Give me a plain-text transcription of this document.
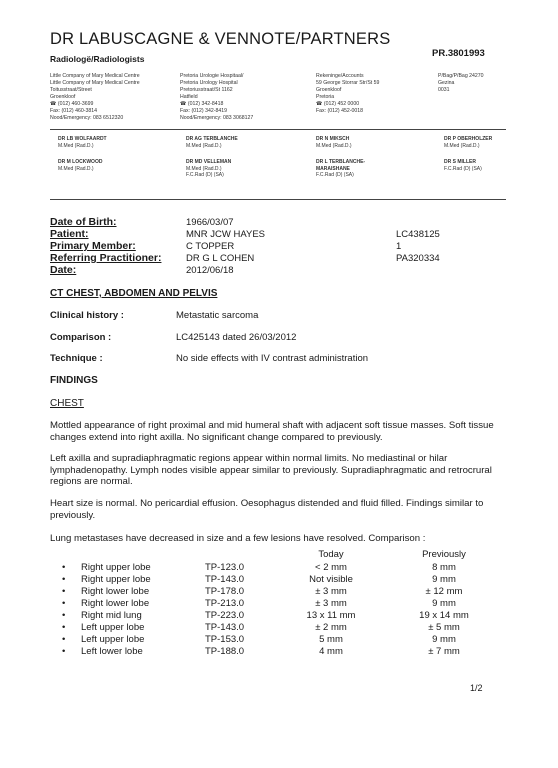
DR LABUSCAGNE & VENNOTE/PARTNERS
Radiologë/Radiologists	PR.3801993
Little Company of Mary Medical Centre
Little Company of Mary Medical Centre
Toitusstraat/Street
Groenkloof
☎ (012) 460-3699
Fax: (012) 460-3814
Nood/Emergency: 083 6512320
Pretoria Urologie Hospitaal/
Pretoria Urology Hospital
Pretoriusstraat/St 1162
Hatfield
☎ (012) 342-8418
Fax: (012) 342-8419
Nood/Emergency: 083 3068127
Rekeninge/Accounts
59 George Storrar Str/St 59
Groenkloof
Pretoria
☎ (012) 452 0000
Fax: (012) 452-0018
P/Bag/P/Bag 24270
Gezina
0031
DR LB WOLFAARDT
M.Med (Rad.D.)
DR AG TERBLANCHE
M.Med (Rad.D.)
DR N MIKSCH
M.Med (Rad.D.)
DR P OBERHOLZER
M.Med (Rad.D.)
DR M LOCKWOOD
M.Med (Rad.D.)
DR MD VELLEMAN
M.Med (Rad.D.)
F.C.Rad (D) (SA)
DR L TERBLANCHE-
MARAISHANE
F.C.Rad (D) (SA)
DR S MILLER
F.C.Rad (D) (SA)
Date of Birth:	1966/03/07
Patient:	MNR JCW HAYES	LC438125
Primary Member:	C TOPPER	1
Referring Practitioner:	DR G L COHEN	PA320334
Date:	2012/06/18
CT CHEST, ABDOMEN AND PELVIS
Clinical history :	Metastatic sarcoma
Comparison :	LC425143 dated 26/03/2012
Technique :	No side effects with IV contrast administration
FINDINGS
CHEST
Mottled appearance of right proximal and mid humeral shaft with adjacent soft tissue masses. Soft tissue changes extend into right axilla. No significant change compared to previously.
Left axilla and supradiaphragmatic regions appear within normal limits. No mediastinal or hilar lymphadenopathy. Lymph nodes visible appear similar to previously. Supradiaphragmatic and retrocrural regions are normal.
Heart size is normal. No pericardial effusion. Oesophagus distended and fluid filled. Findings similar to previously.
Lung metastases have decreased in size and a few lesions have resolved. Comparison :
Today	Previously
• Right upper lobe	TP-123.0	< 2 mm	8 mm
• Right upper lobe	TP-143.0	Not visible	9 mm
• Right lower lobe	TP-178.0	± 3 mm	± 12 mm
• Right lower lobe	TP-213.0	± 3 mm	9 mm
• Right mid lung	TP-223.0	13 x 11 mm	19 x 14 mm
• Left upper lobe	TP-143.0	± 2 mm	± 5 mm
• Left upper lobe	TP-153.0	5 mm	9 mm
• Left lower lobe	TP-188.0	4 mm	± 7 mm
1/2
